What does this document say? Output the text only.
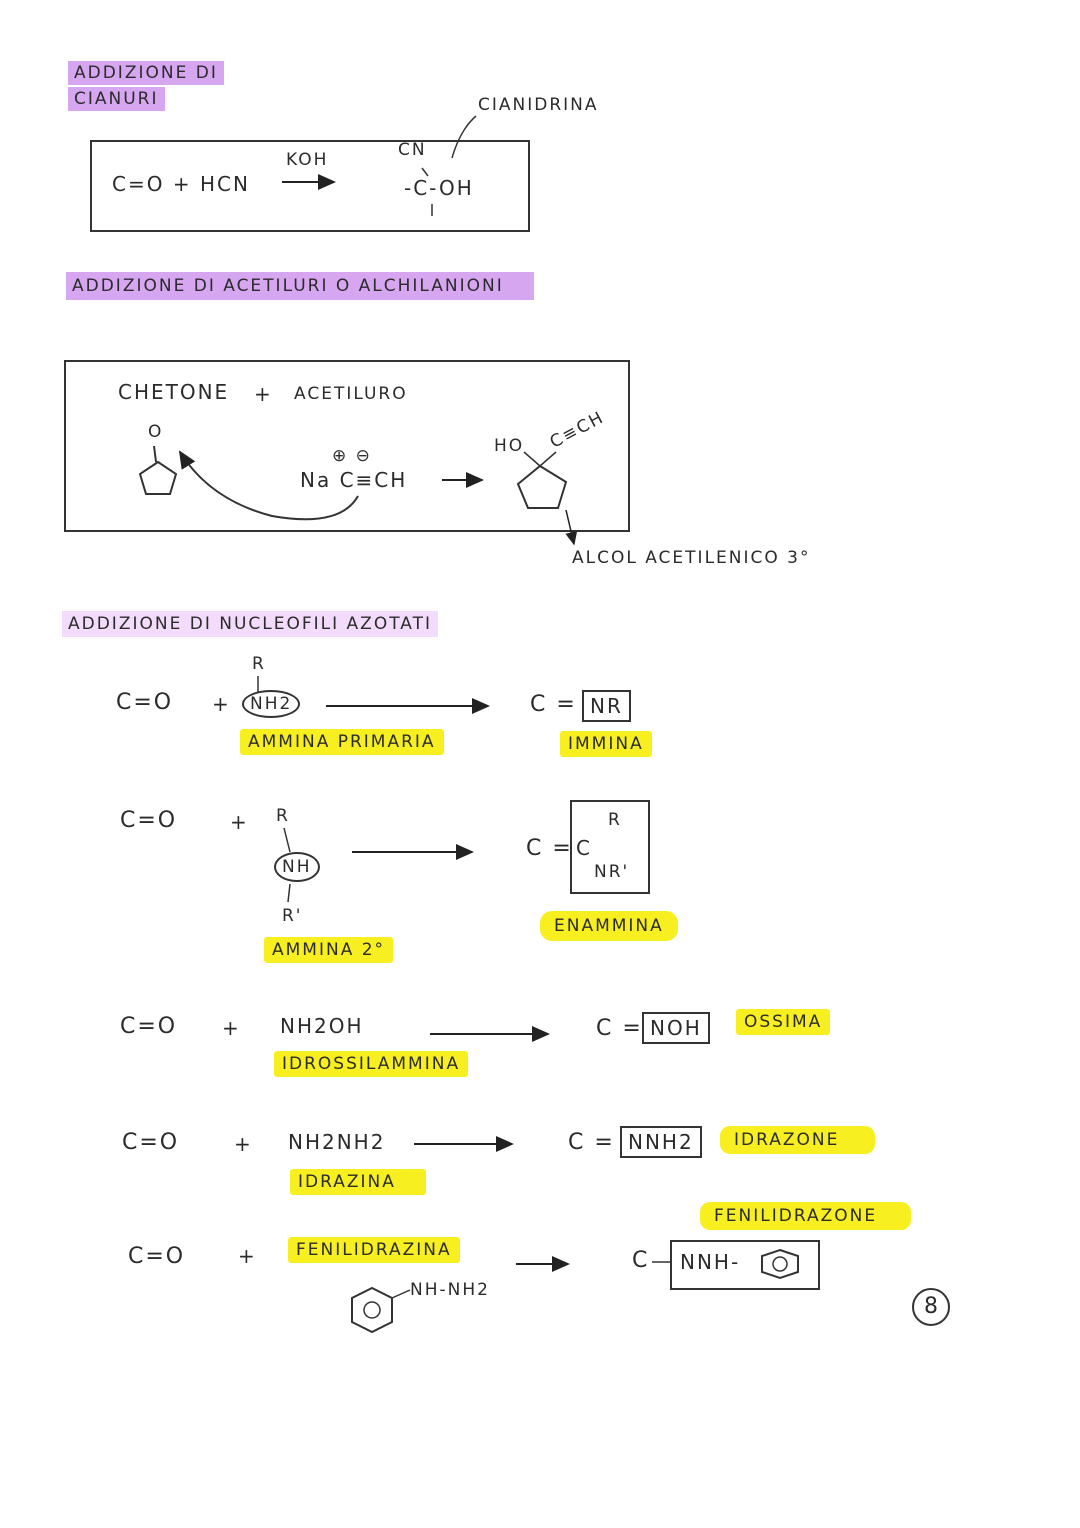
ADDIZIONE DI
CIANURI	CIANIDRINA
C=O + HCN
KOH	CN
-C-OH
ADDIZIONE DI ACETILURI O ALCHILANIONI
CHETONE + ACETILURO
O
⊕ ⊖
Na C≡CH
HO C≡CH
ALCOL ACETILENICO 3°
ADDIZIONE DI NUCLEOFILI AZOTATI
C=O +
R
NH2
AMMINA PRIMARIA
C = NR
IMMINA
C=O	+ R
NH
R'
AMMINA 2°
C = C
R
NR'
ENAMMINA
C=O + NH2OH
IDROSSILAMMINA
C = NOH	OSSIMA
C=O	+ NH2NH2
IDRAZINA
C = NNH2	IDRAZONE
C=O	+	FENILIDRAZINA
NH-NH2
C NNH-
FENILIDRAZONE
8
